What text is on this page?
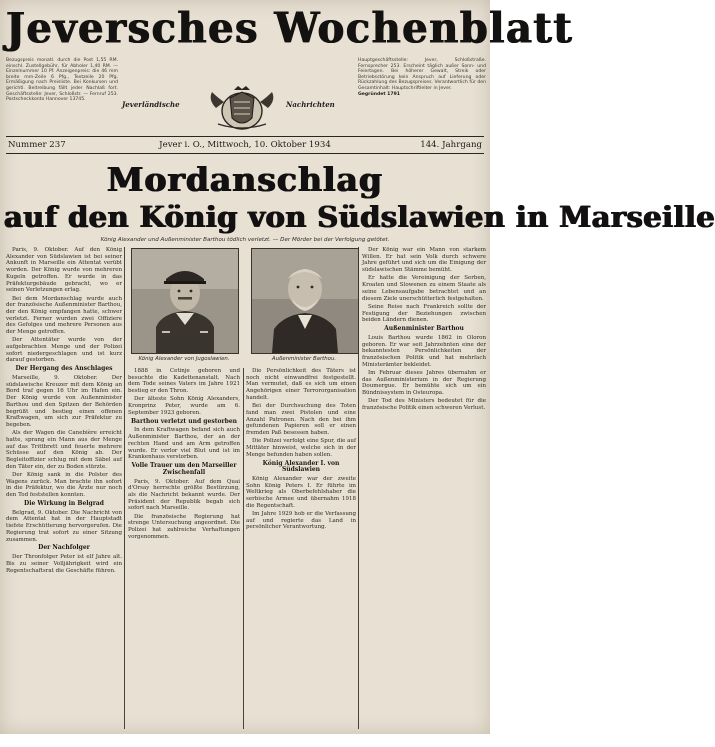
Jeversches Wochenblatt
Bezugspreis monatl. durch die Post 1,55 RM. einschl. Zustellgebühr, für Abholer 1,40 RM. — Einzelnummer 10 Pf. Anzeigenpreis: die 46 mm breite mm-Zeile 6 Pfg., Textzeile 20 Pfg. Ermäßigung nach Preisliste. Bei Konkursen und gerichtl. Beitreibung fällt jeder Nachlaß fort. Geschäftsstelle: Jever, Schloßstr. — Fernruf 253. Postscheckkonto Hannover 13745.
Jeverländische	Nachrichten
Hauptgeschäftsstelle: Jever, Schloßstraße. Fernsprecher 253. Erscheint täglich außer Sonn- und Feiertagen. Bei höherer Gewalt, Streik oder Betriebsstörung kein Anspruch auf Lieferung oder Rückzahlung des Bezugspreises. Verantwortlich für den Gesamtinhalt: Hauptschriftleiter in Jever.
Gegründet 1791
Jever i. O., Mittwoch, 10. Oktober 1934
Nummer 237	144. Jahrgang
Mordanschlag
auf den König von Südslawien in Marseille
König Alexander und Außenminister Barthou tödlich verletzt. — Der Mörder bei der Verfolgung getötet.

Paris, 9. Oktober. Auf den König Alexander von Südslawien ist bei seiner Ankunft in Marseille ein Attentat verübt worden. Der König wurde von mehreren Kugeln getroffen. Er wurde in das Präfekturgebäude gebracht, wo er seinen Verletzungen erlag.

Bei dem Mordanschlag wurde auch der französische Außenminister Barthou, der den König empfangen hatte, schwer verletzt. Ferner wurden zwei Offiziere des Gefolges und mehrere Personen aus der Menge getroffen.

Der Attentäter wurde von der aufgebrachten Menge und der Polizei sofort niedergeschlagen und ist kurz darauf gestorben.

Der Hergang des Anschlages

Marseille, 9. Oktober. Der südslawische Kreuzer mit dem König an Bord traf gegen 16 Uhr im Hafen ein. Der König wurde von Außenminister Barthou und den Spitzen der Behörden begrüßt und bestieg einen offenen Kraftwagen, um sich zur Präfektur zu begeben.

Als der Wagen die Canebière erreicht hatte, sprang ein Mann aus der Menge auf das Trittbrett und feuerte mehrere Schüsse auf den König ab. Der Begleitoffizier schlug mit dem Säbel auf den Täter ein, der zu Boden stürzte.

Der König sank in die Polster des Wagens zurück. Man brachte ihn sofort in die Präfektur, wo die Ärzte nur noch den Tod feststellen konnten.

Die Wirkung in Belgrad

Belgrad, 9. Oktober. Die Nachricht von dem Attentat hat in der Hauptstadt tiefste Erschütterung hervorgerufen. Die Regierung trat sofort zu einer Sitzung zusammen.

Der Nachfolger

Der Thronfolger Peter ist elf Jahre alt. Bis zu seiner Volljährigkeit wird ein Regentschaftsrat die Geschäfte führen.

König Alexander von Jugoslawien.	Außenminister Barthou.

1888 in Cetinje geboren und besuchte die Kadettenanstalt. Nach dem Tode seines Vaters im Jahre 1921 bestieg er den Thron.

Der älteste Sohn König Alexanders, Kronprinz Peter, wurde am 6. September 1923 geboren.

Barthou verletzt und gestorben

In dem Kraftwagen befand sich auch Außenminister Barthou, der an der rechten Hand und am Arm getroffen wurde. Er verlor viel Blut und ist im Krankenhaus verstorben.

Volle Trauer um den Marseiller Zwischenfall

Paris, 9. Oktober. Auf dem Quai d'Orsay herrschte größte Bestürzung, als die Nachricht bekannt wurde. Der Präsident der Republik begab sich sofort nach Marseille.

Die französische Regierung hat strenge Untersuchung angeordnet. Die Polizei hat zahlreiche Verhaftungen vorgenommen.

Die Persönlichkeit des Täters ist noch nicht einwandfrei festgestellt. Man vermutet, daß es sich um einen Angehörigen einer Terrororganisation handelt.

Bei der Durchsuchung des Toten fand man zwei Pistolen und eine Anzahl Patronen. Nach den bei ihm gefundenen Papieren soll er einen fremden Paß besessen haben.

Die Polizei verfolgt eine Spur, die auf Mittäter hinweist, welche sich in der Menge befunden haben sollen.

König Alexander I. von Südslawien

König Alexander war der zweite Sohn König Peters I. Er führte im Weltkrieg als Oberbefehlshaber die serbische Armee und übernahm 1918 die Regentschaft.

Im Jahre 1929 hob er die Verfassung auf und regierte das Land in persönlicher Verantwortung.

Der König war ein Mann von starkem Willen. Er hat sein Volk durch schwere Jahre geführt und sich um die Einigung der südslawischen Stämme bemüht.

Er hatte die Vereinigung der Serben, Kroaten und Slowenen zu einem Staate als seine Lebensaufgabe betrachtet und an diesem Ziele unerschütterlich festgehalten.

Seine Reise nach Frankreich sollte der Festigung der Beziehungen zwischen beiden Ländern dienen.

Außenminister Barthou

Louis Barthou wurde 1862 in Oloron geboren. Er war seit Jahrzehnten eine der bekanntesten Persönlichkeiten der französischen Politik und hat mehrfach Ministerämter bekleidet.

Im Februar dieses Jahres übernahm er das Außenministerium in der Regierung Doumergue. Er bemühte sich um ein Bündnissystem in Osteuropa.

Der Tod des Ministers bedeutet für die französische Politik einen schweren Verlust.
